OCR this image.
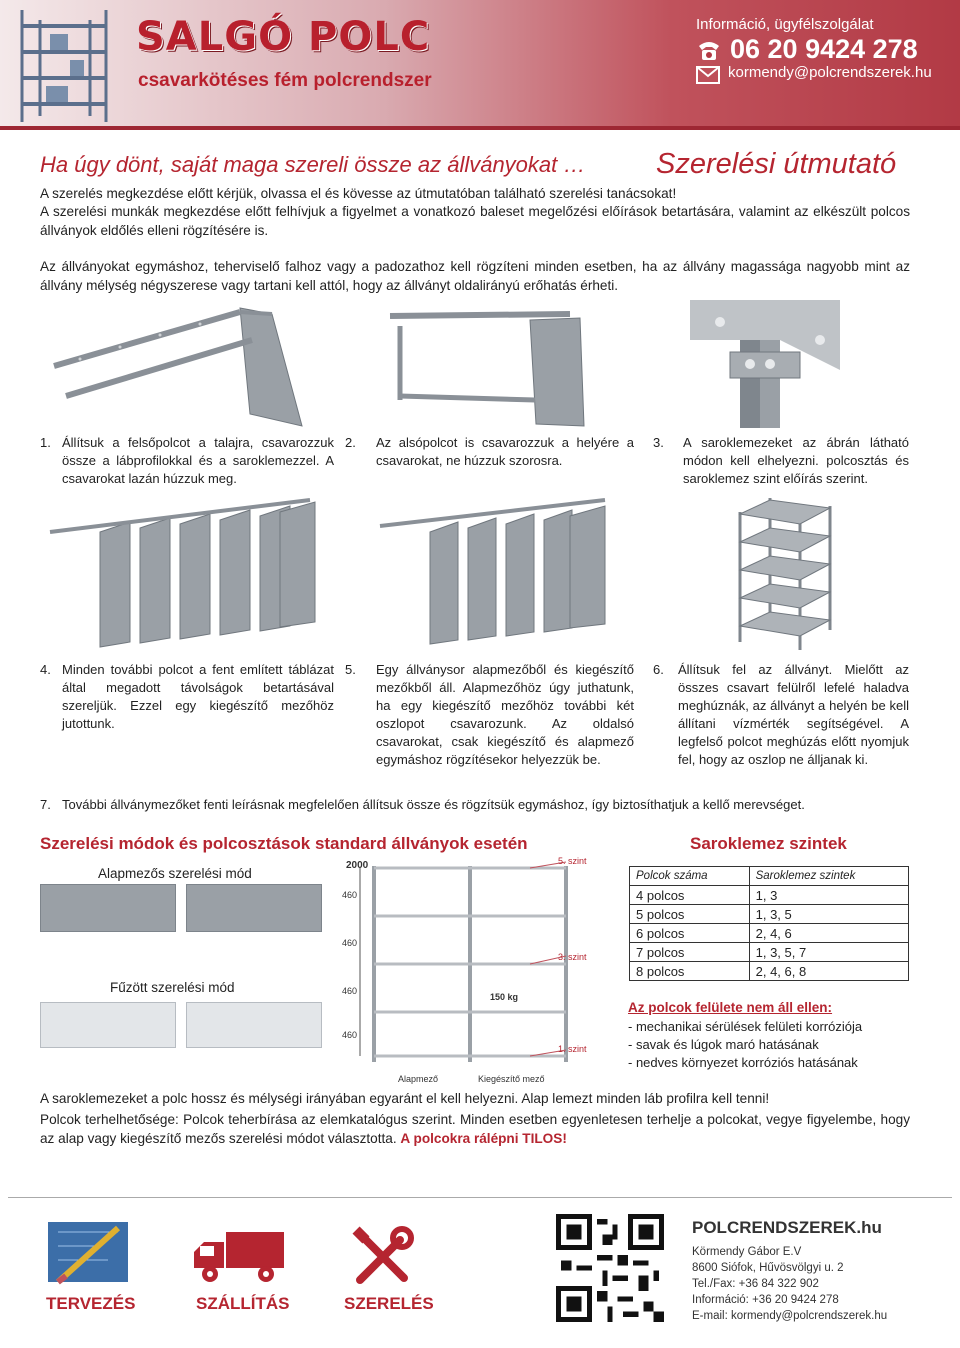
SALGÓ POLC
csavarkötéses fém polcrendszer
Információ, ügyfélszolgálat
06 20 9424 278
kormendy@polcrendszerek.hu
Ha úgy dönt, saját maga szereli össze az állványokat … Szerelési útmutató
A szerelés megkezdése előtt kérjük, olvassa el és kövesse az útmutatóban található szerelési tanácsokat!
A szerelési munkák megkezdése előtt felhívjuk a figyelmet a vonatkozó baleset megelőzési előírások betartására, valamint az elkészült polcos állványok eldőlés elleni rögzítésére is.
Az állványokat egymáshoz, teherviselő falhoz vagy a padozathoz kell rögzíteni minden esetben, ha az állvány magassága nagyobb mint az állvány mélység négyszerese vagy tartani kell attól, hogy az állványt oldalirányú erőhatás érheti.
1. Állítsuk a felsőpolcot a talajra, csavarozzuk össze a lábprofilokkal és a saroklemezzel. A csavarokat lazán húzzuk meg.
2.	Az alsópolcot is csavarozzuk a helyére a csavarokat, ne húzzuk szorosra.
3.	A saroklemezeket az ábrán látható módon kell elhelyezni. polcosztás és saroklemez szint előírás szerint.
4. Minden további polcot a fent említett táblázat által megadott távolságok betartásával szereljük. Ezzel egy kiegészítő mezőhöz jutottunk.
5.	Egy állványsor alapmezőből és kiegészítő mezőkből áll. Alapmezőhöz úgy juthatunk, ha egy kiegészítő mezőhöz további két oszlopot csavarozunk. Az oldalsó csavarokat, csak kiegészítő és alapmező egymáshoz rögzítésekor helyezzük be.
6.	Állítsuk fel az állványt. Mielőtt az összes csavart felülről lefelé haladva meghúznák, az állványt a helyén be kell állítani vízmérték segítségével. A legfelső polcot meghúzás előtt nyomjuk fel, hogy az oszlop ne álljanak ki.
7. További állványmezőket fenti leírásnak megfelelően állítsuk össze és rögzítsük egymáshoz, így biztosíthatjuk a kellő merevséget.
Szerelési módok és polcosztások standard állványok esetén
Alapmezős szerelési mód
Fűzött szerelési mód
2000
460
460
460
460
5. szint
3. szint
1. szint
150 kg
Alapmező	Kiegészítő mező
Saroklemez szintek
Polcok száma	Saroklemez szintek
4 polcos	1, 3
5 polcos	1, 3, 5
6 polcos	2, 4, 6
7 polcos	1, 3, 5, 7
8 polcos	2, 4, 6, 8
Az polcok felülete nem áll ellen:
- mechanikai sérülések felületi korróziója
- savak és lúgok maró hatásának
- nedves környezet korróziós hatásának
A saroklemezeket a polc hossz és mélységi irányában egyaránt el kell helyezni. Alap lemezt minden láb profilra kell tenni!
Polcok terhelhetősége: Polcok teherbírása az elemkatalógus szerint. Minden esetben egyenletesen terhelje a polcokat, vegye figyelembe, hogy az alap vagy kiegészítő mezős szerelési módot választotta. A polcokra rálépni TILOS!
TERVEZÉS	SZÁLLÍTÁS	SZERELÉS
POLCRENDSZEREK.hu
Körmendy Gábor E.V
8600 Siófok, Hűvösvölgyi u. 2
Tel./Fax: +36 84 322 902
Információ: +36 20 9424 278
E-mail: kormendy@polcrendszerek.hu
